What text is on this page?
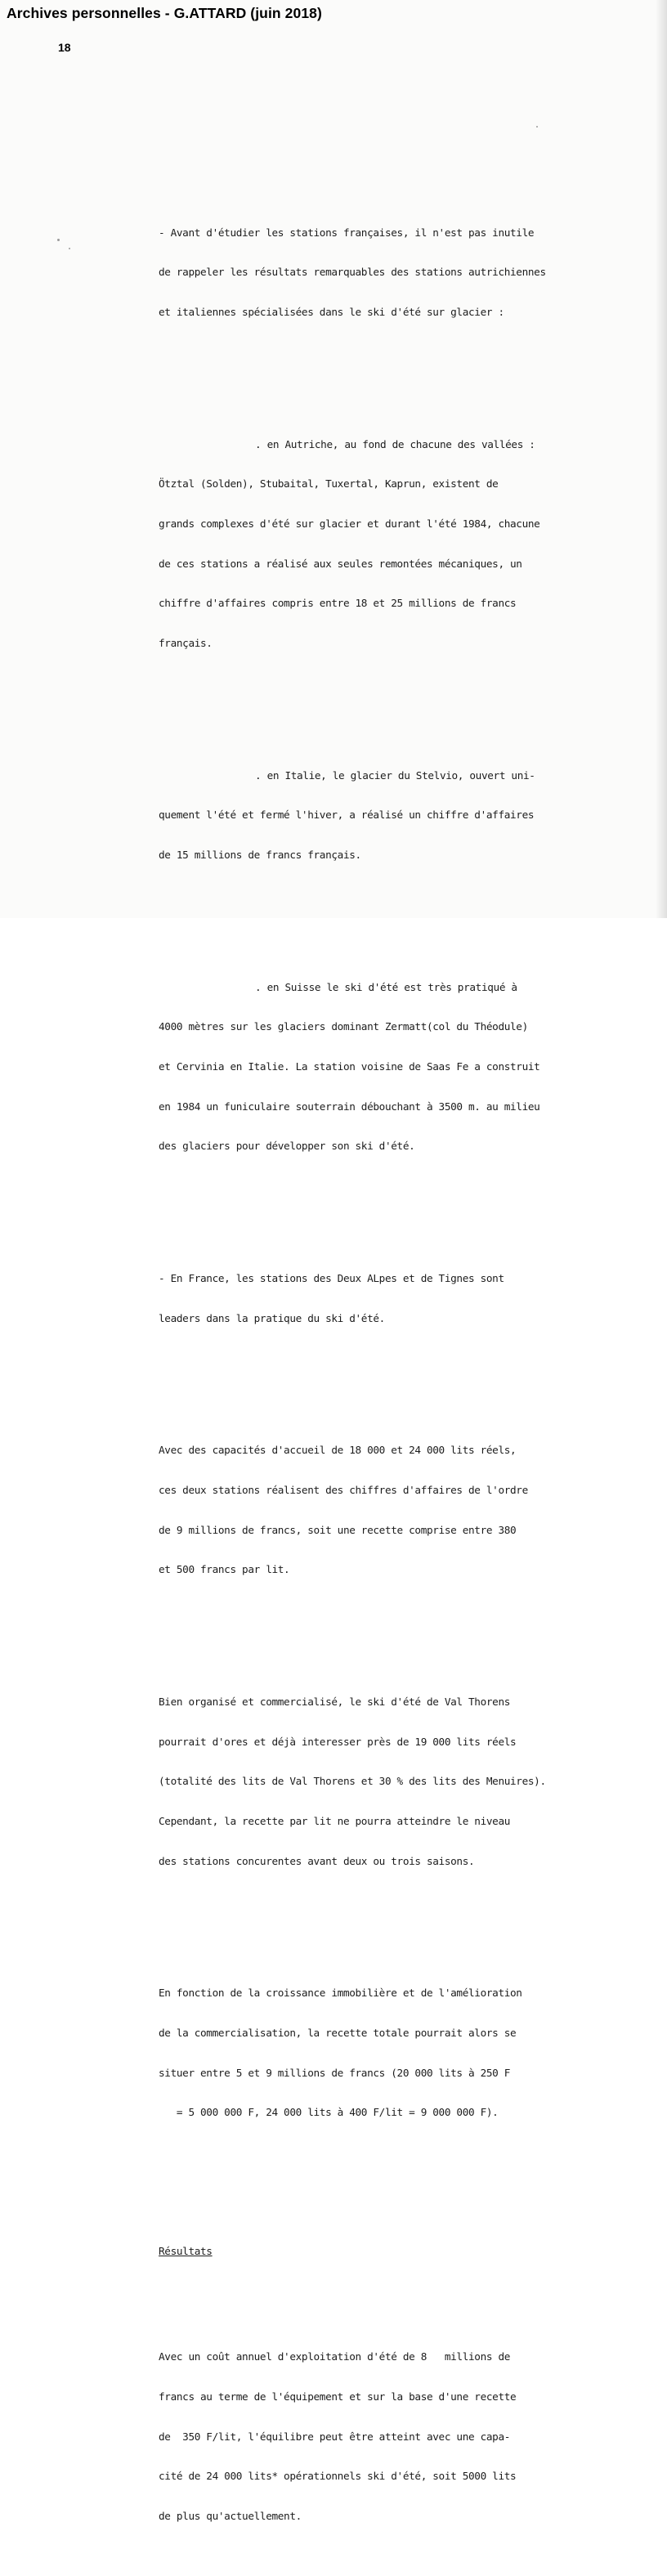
Archives personnelles - G.ATTARD (juin 2018)
18

- Avant d'étudier les stations françaises, il n'est pas inutile

de rappeler les résultats remarquables des stations autrichiennes

et italiennes spécialisées dans le ski d'été sur glacier :

. en Autriche, au fond de chacune des vallées :

Ötztal (Solden), Stubaital, Tuxertal, Kaprun, existent de

grands complexes d'été sur glacier et durant l'été 1984, chacune

de ces stations a réalisé aux seules remontées mécaniques, un

chiffre d'affaires compris entre 18 et 25 millions de francs

français.

. en Italie, le glacier du Stelvio, ouvert uni-

quement l'été et fermé l'hiver, a réalisé un chiffre d'affaires

de 15 millions de francs français.

. en Suisse le ski d'été est très pratiqué à

4000 mètres sur les glaciers dominant Zermatt(col du Théodule)

et Cervinia en Italie. La station voisine de Saas Fe a construit

en 1984 un funiculaire souterrain débouchant à 3500 m. au milieu

des glaciers pour développer son ski d'été.

- En France, les stations des Deux ALpes et de Tignes sont

leaders dans la pratique du ski d'été.

Avec des capacités d'accueil de 18 000 et 24 000 lits réels,

ces deux stations réalisent des chiffres d'affaires de l'ordre

de 9 millions de francs, soit une recette comprise entre 380

et 500 francs par lit.

Bien organisé et commercialisé, le ski d'été de Val Thorens

pourrait d'ores et déjà interesser près de 19 000 lits réels

(totalité des lits de Val Thorens et 30 % des lits des Menuires).

Cependant, la recette par lit ne pourra atteindre le niveau

des stations concurentes avant deux ou trois saisons.

En fonction de la croissance immobilière et de l'amélioration

de la commercialisation, la recette totale pourrait alors se

situer entre 5 et 9 millions de francs (20 000 lits à 250 F

= 5 000 000 F, 24 000 lits à 400 F/lit = 9 000 000 F).

Résultats

Avec un coût annuel d'exploitation d'été de 8   millions de

francs au terme de l'équipement et sur la base d'une recette

de  350 F/lit, l'équilibre peut être atteint avec une capa-

cité de 24 000 lits* opérationnels ski d'été, soit 5000 lits

de plus qu'actuellement.
